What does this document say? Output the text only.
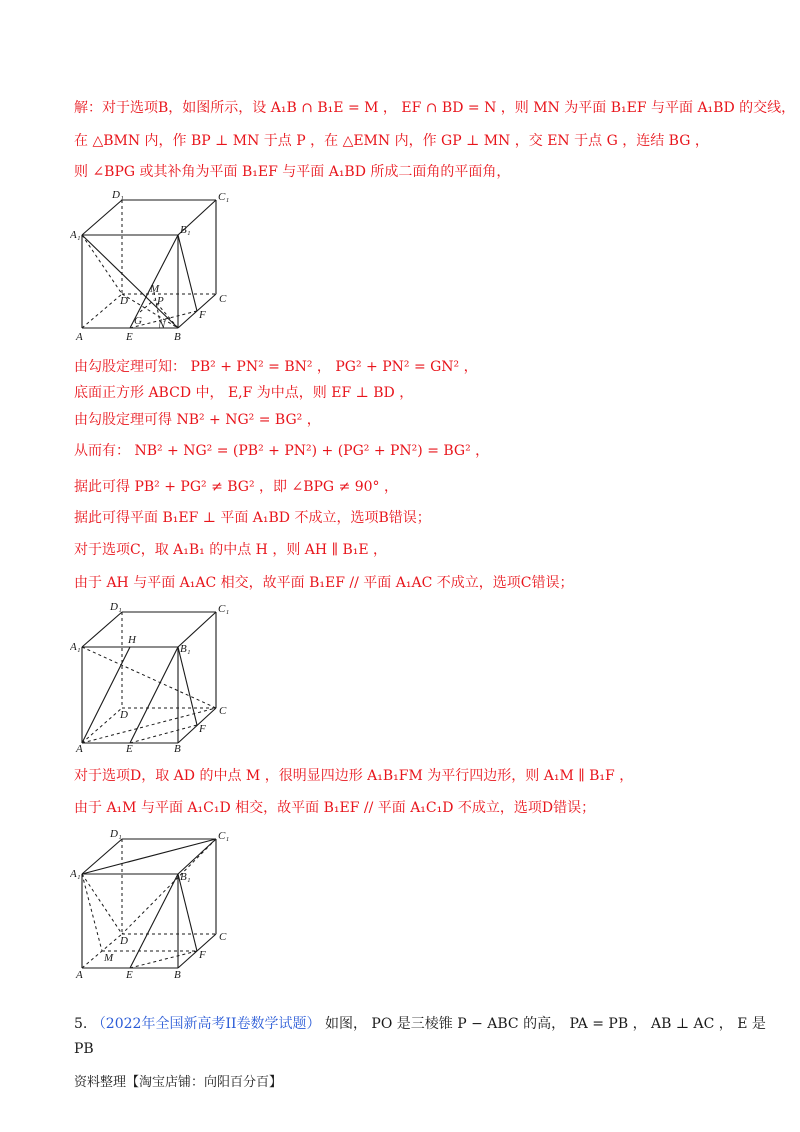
解：对于选项B，如图所示，设 A₁B ∩ B₁E = M ， EF ∩ BD = N ，则 MN 为平面 B₁EF 与平面 A₁BD 的交线，
在 △BMN 内，作 BP ⊥ MN 于点 P ，在 △EMN 内，作 GP ⊥ MN ，交 EN 于点 G ，连结 BG ，
则 ∠BPG 或其补角为平面 B₁EF 与平面 A₁BD 所成二面角的平面角，
D₁	C₁
A₁	B₁
D	C
A	E	B
F
M
P
G N
由勾股定理可知： PB² + PN² = BN² ， PG² + PN² = GN² ，
底面正方形 ABCD 中， E,F 为中点，则 EF ⊥ BD ，
由勾股定理可得 NB² + NG² = BG² ，
从而有： NB² + NG² = (PB² + PN²) + (PG² + PN²) = BG² ，
据此可得 PB² + PG² ≠ BG² ，即 ∠BPG ≠ 90° ，
据此可得平面 B₁EF ⊥ 平面 A₁BD 不成立，选项B错误；
对于选项C，取 A₁B₁ 的中点 H ，则 AH ∥ B₁E ，
由于 AH 与平面 A₁AC 相交，故平面 B₁EF // 平面 A₁AC 不成立，选项C错误；
D₁	C₁
A₁	B₁
H
D	C
A	E	B
F
对于选项D，取 AD 的中点 M ，很明显四边形 A₁B₁FM 为平行四边形，则 A₁M ∥ B₁F ，
由于 A₁M 与平面 A₁C₁D 相交，故平面 B₁EF // 平面 A₁C₁D 不成立，选项D错误；
D₁	C₁
A₁	B₁
D	C
A
M
E	B
F
5. （2022年全国新高考II卷数学试题） 如图， PO 是三棱锥 P − ABC 的高， PA = PB ， AB ⊥ AC ， E 是
PB
资料整理【淘宝店铺：向阳百分百】
